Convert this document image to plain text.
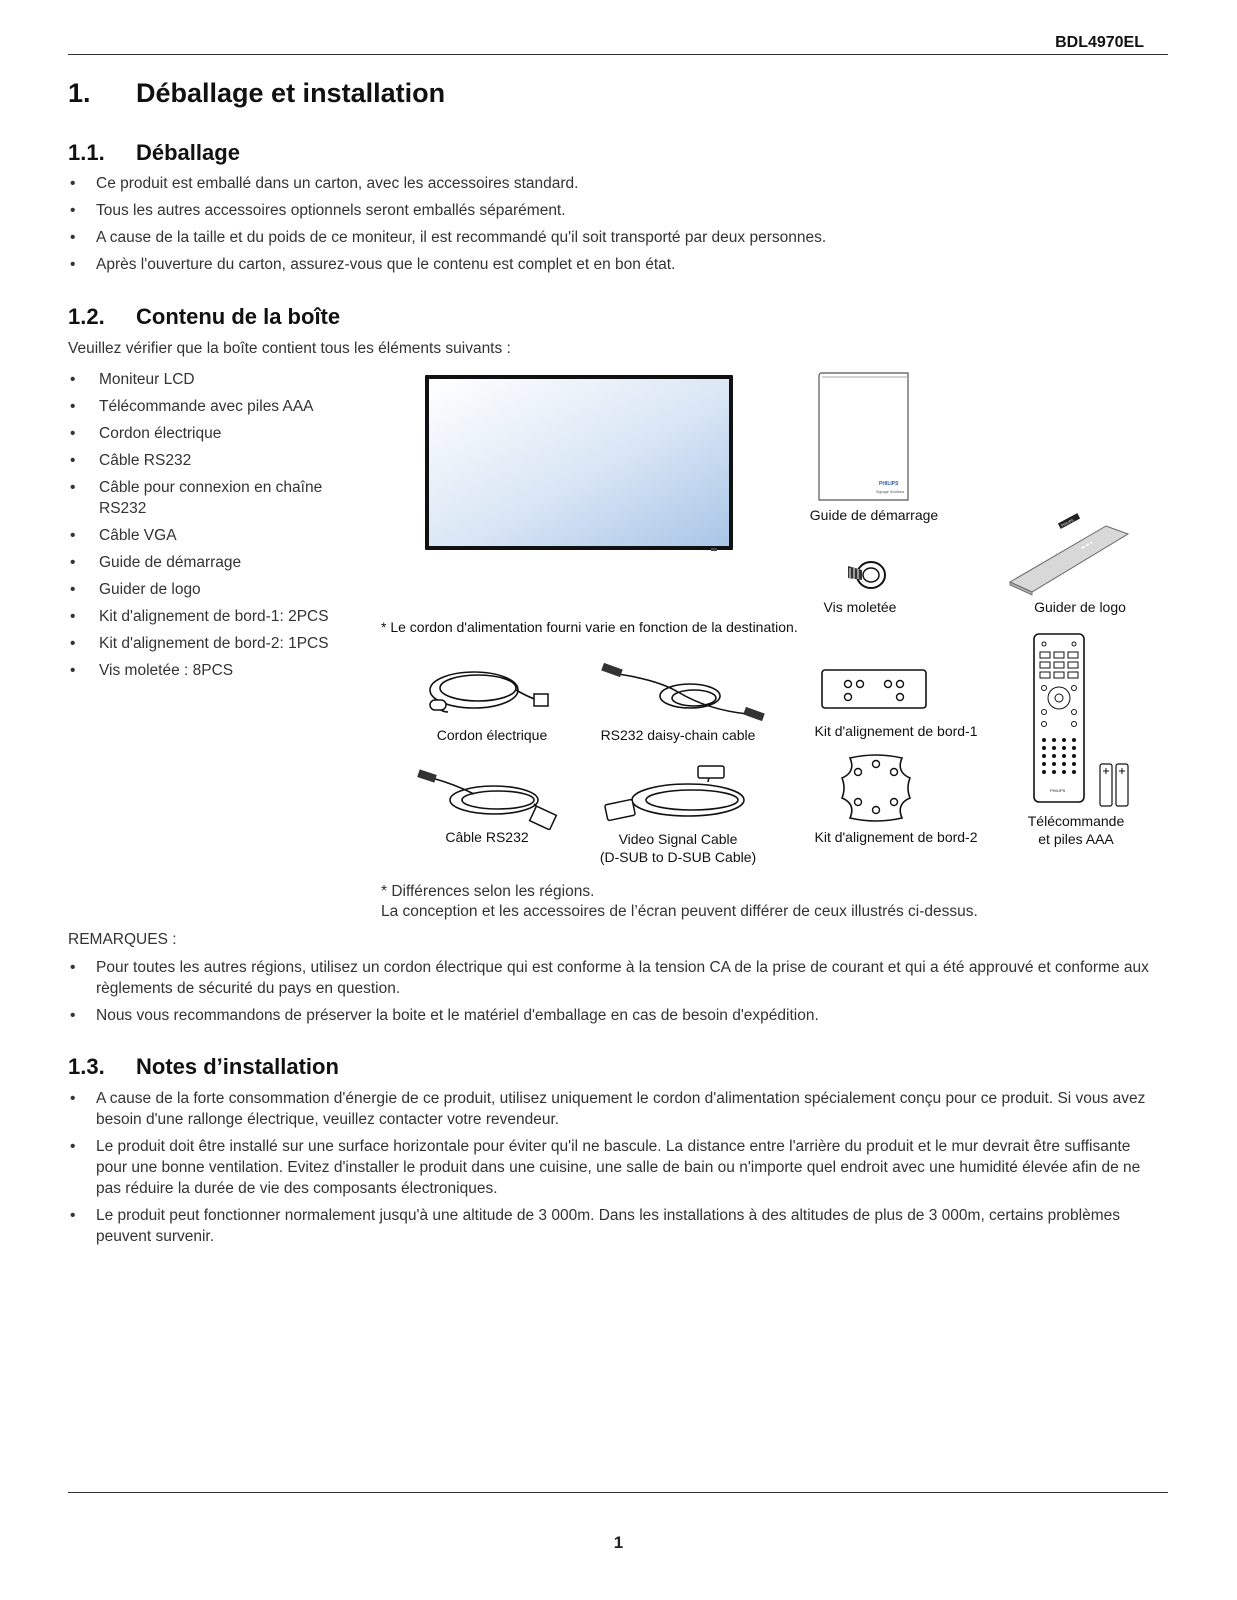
BDL4970EL
1. Déballage et installation
1.1. Déballage
• Ce produit est emballé dans un carton, avec les accessoires standard.
• Tous les autres accessoires optionnels seront emballés séparément.
• A cause de la taille et du poids de ce moniteur, il est recommandé qu'il soit transporté par deux personnes.
• Après l'ouverture du carton, assurez-vous que le contenu est complet et en bon état.
1.2. Contenu de la boîte
Veuillez vérifier que la boîte contient tous les éléments suivants :
• Moniteur LCD
• Télécommande avec piles AAA
• Cordon électrique
• Câble RS232
• Câble pour connexion en chaîne RS232
• Câble VGA
• Guide de démarrage
• Guider de logo
• Kit d'alignement de bord-1: 2PCS
• Kit d'alignement de bord-2: 1PCS
• Vis moletée : 8PCS
PHILIPS
Signage Solutions
Guide de démarrage
Vis moletée
PHILIPS
Guider de logo
* Le cordon d'alimentation fourni varie en fonction de la destination.
Cordon électrique	RS232 daisy-chain cable	Kit d'alignement de bord-1
PHILIPS
Télécommande
et piles AAA
Câble RS232	Video Signal Cable
(D-SUB to D-SUB Cable)
Kit d'alignement de bord-2
* Différences selon les régions.
La conception et les accessoires de l’écran peuvent différer de ceux illustrés ci-dessus.
REMARQUES :
• Pour toutes les autres régions, utilisez un cordon électrique qui est conforme à la tension CA de la prise de courant et qui a été approuvé et conforme aux règlements de sécurité du pays en question.
• Nous vous recommandons de préserver la boite et le matériel d'emballage en cas de besoin d'expédition.
1.3. Notes d’installation
• A cause de la forte consommation d'énergie de ce produit, utilisez uniquement le cordon d'alimentation spécialement conçu pour ce produit. Si vous avez besoin d'une rallonge électrique, veuillez contacter votre revendeur.
• Le produit doit être installé sur une surface horizontale pour éviter qu'il ne bascule. La distance entre l'arrière du produit et le mur devrait être suffisante pour une bonne ventilation. Evitez d'installer le produit dans une cuisine, une salle de bain ou n'importe quel endroit avec une humidité élevée afin de ne pas réduire la durée de vie des composants électroniques.
• Le produit peut fonctionner normalement jusqu'à une altitude de 3 000m. Dans les installations à des altitudes de plus de 3 000m, certains problèmes peuvent survenir.
1
